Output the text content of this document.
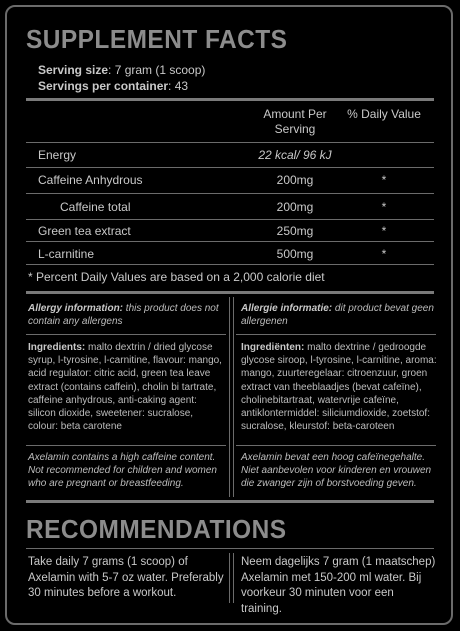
SUPPLEMENT FACTS
Serving size: 7 gram (1 scoop)
Servings per container: 43
Amount Per
Serving
% Daily Value
Energy	22 kcal/ 96 kJ
Caffeine Anhydrous	200mg	*
Caffeine total	200mg	*
Green tea extract	250mg	*
L-carnitine	500mg	*
* Percent Daily Values are based on a 2,000 calorie diet
Allergy information: this product does not contain any allergens
Allergie informatie: dit product bevat geen allergenen
Ingredients: malto dextrin / dried glycose syrup, l-tyrosine, l-carnitine, flavour: mango, acid regulator: citric acid, green tea leave extract (contains caffein), cholin bi tartrate, caffeine anhydrous, anti-caking agent: silicon dioxide, sweetener: sucralose, colour: beta carotene
Ingrediënten: malto dextrine / gedroogde glycose siroop, l-tyrosine, l-carnitine, aroma: mango, zuurteregelaar: citroenzuur, groen extract van theeblaadjes (bevat cafeïne), cholinebitartraat, watervrije cafeïne, antiklontermiddel: siliciumdioxide, zoetstof: sucralose, kleurstof: beta-caroteen
Axelamin contains a high caffeine content. Not recommended for children and women who are pregnant or breastfeeding.
Axelamin bevat een hoog cafeïnegehalte. Niet aanbevolen voor kinderen en vrouwen die zwanger zijn of borstvoeding geven.
RECOMMENDATIONS
Take daily 7 grams (1 scoop) of Axelamin with 5-7 oz water. Preferably 30 minutes before a workout.
Neem dagelijks 7 gram (1 maatschep) Axelamin met 150-200 ml water. Bij voorkeur 30 minuten voor een training.
